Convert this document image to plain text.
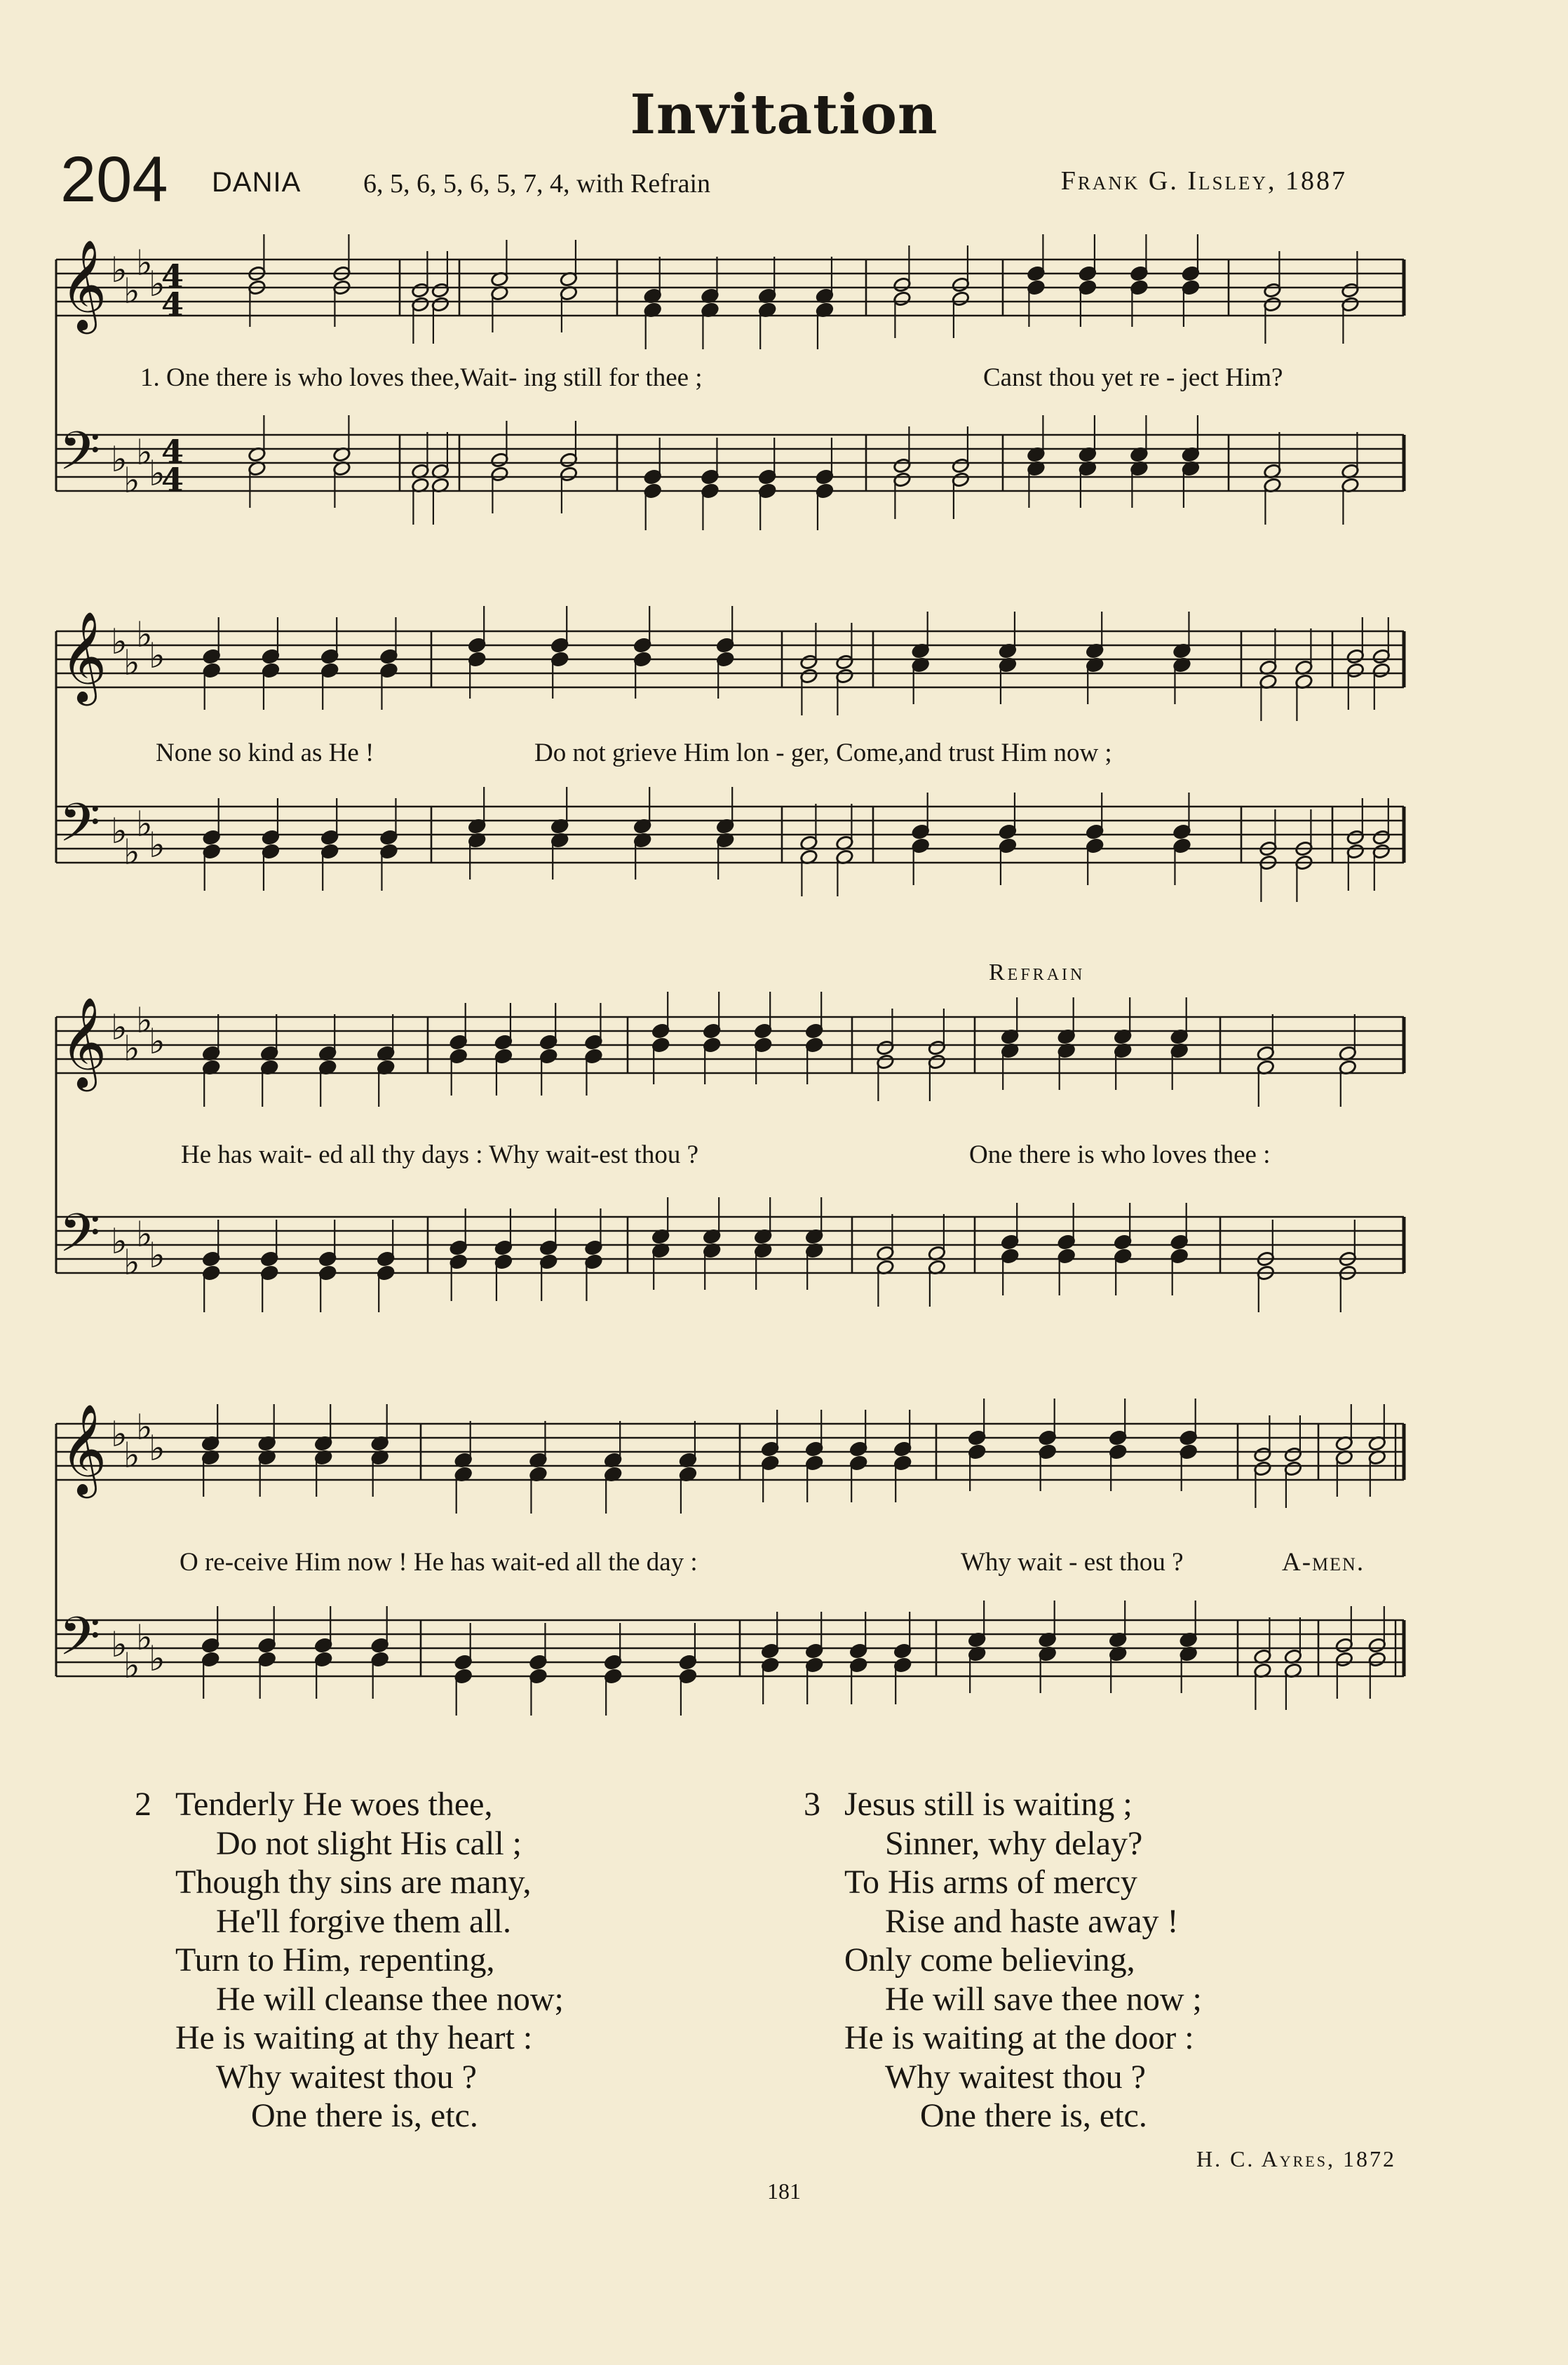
𝄞 ♭
♭
♭
♭
4
4
𝄢 ♭
♭
♭
♭
4
4
𝄞 ♭
♭
♭
♭
𝄢 ♭
♭
♭
♭
𝄞 ♭
♭
♭
♭
𝄢 ♭
♭
♭
♭
𝄞 ♭
♭
♭
♭
𝄢 ♭
♭
♭
♭
Invitation
204 DANIA 6, 5, 6, 5, 6, 5, 7, 4, with Refrain	Frank G. Ilsley, 1887
1. One there is who loves thee,Wait- ing still for thee ;	Canst thou yet re - ject Him?
None so kind as He !	Do not grieve Him lon - ger, Come,and trust Him now ;
Refrain
He has wait- ed all thy days : Why wait-est thou ?	One there is who loves thee :
O re-ceive Him now ! He has wait-ed all the day :	Why wait - est thou ?	A-men.
2 Tenderly He woes thee,
Do not slight His call ;
Though thy sins are many,
He'll forgive them all.
Turn to Him, repenting,
He will cleanse thee now;
He is waiting at thy heart :
Why waitest thou ?
One there is, etc.
3 Jesus still is waiting ;
Sinner, why delay?
To His arms of mercy
Rise and haste away !
Only come believing,
He will save thee now ;
He is waiting at the door :
Why waitest thou ?
One there is, etc.
H. C. Ayres, 1872
181
